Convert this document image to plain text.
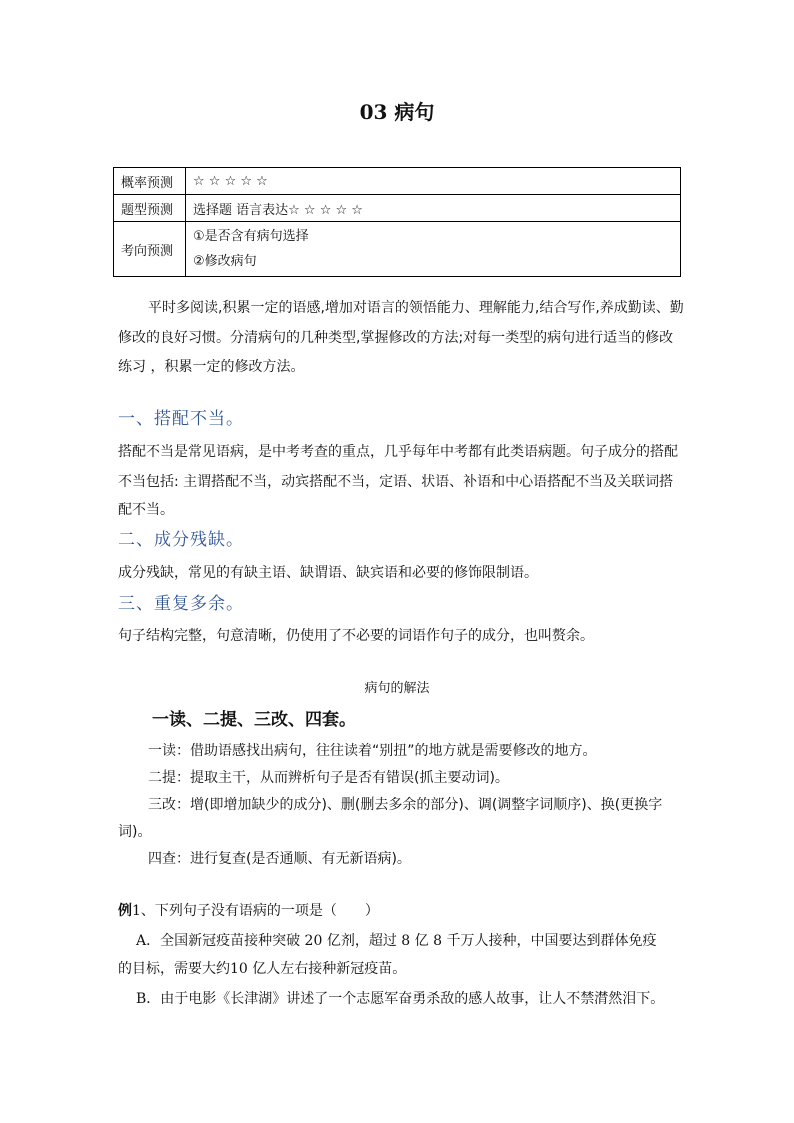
03 病句
概率预测	☆ ☆ ☆ ☆ ☆
题型预测	选择题 语言表达☆ ☆ ☆ ☆ ☆
考向预测	①是否含有病句选择
②修改病句
平时多阅读,积累一定的语感,增加对语言的领悟能力、理解能力,结合写作,养成勤读、勤
修改的良好习惯。分清病句的几种类型,掌握修改的方法;对每一类型的病句进行适当的修改
练习 ，积累一定的修改方法。
一、搭配不当。
搭配不当是常见语病，是中考考查的重点，几乎每年中考都有此类语病题。句子成分的搭配
不当包括: 主谓搭配不当，动宾搭配不当，定语、状语、补语和中心语搭配不当及关联词搭
配不当。
二、成分残缺。
成分残缺，常见的有缺主语、缺谓语、缺宾语和必要的修饰限制语。
三、重复多余。
句子结构完整，句意清晰，仍使用了不必要的词语作句子的成分，也叫赘余。
病句的解法
一读、二提、三改、四套。
一读：借助语感找出病句，往往读着“别扭”的地方就是需要修改的地方。
二提：提取主干，从而辨析句子是否有错误(抓主要动词)。
三改：增(即增加缺少的成分)、删(删去多余的部分)、调(调整字词顺序)、换(更换字
词)。
四查：进行复查(是否通顺、有无新语病)。
例1、下列句子没有语病的一项是（　　）
A．全国新冠疫苗接种突破 20 亿剂，超过 8 亿 8 千万人接种，中国要达到群体免疫
的目标，需要大约10 亿人左右接种新冠疫苗。
B．由于电影《长津湖》讲述了一个志愿军奋勇杀敌的感人故事，让人不禁潸然泪下。
